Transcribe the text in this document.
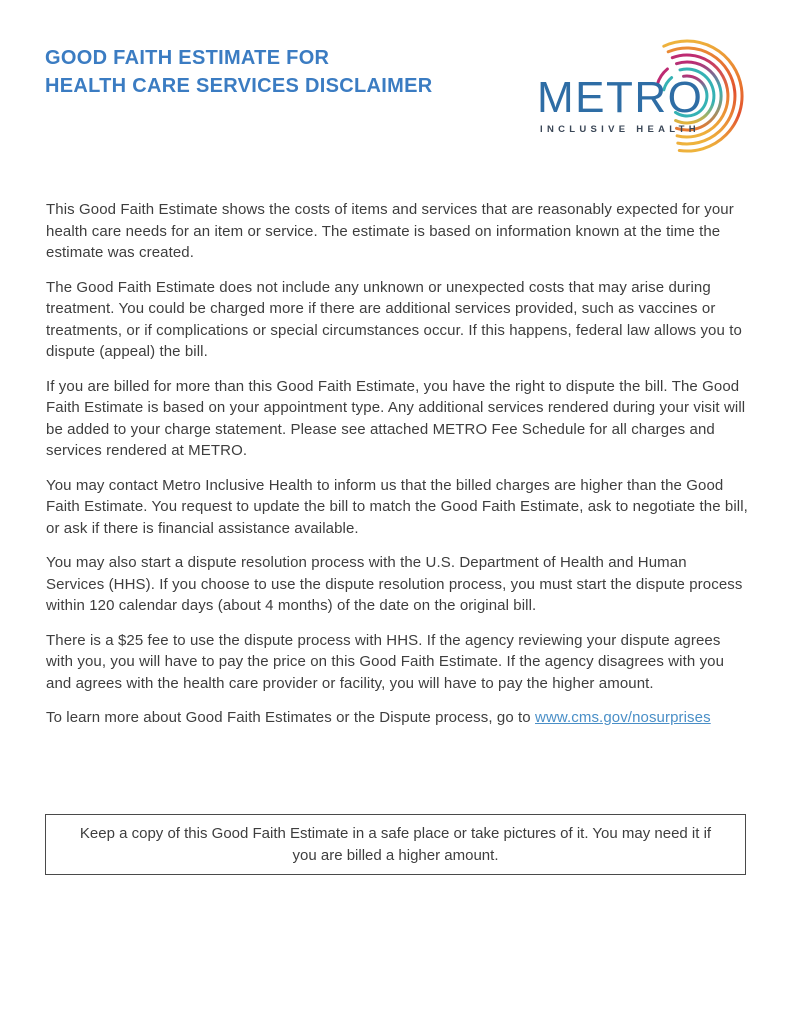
GOOD FAITH ESTIMATE FOR
HEALTH CARE SERVICES DISCLAIMER METRO
INCLUSIVE HEALTH

This Good Faith Estimate shows the costs of items and services that are reasonably expected for your health care needs for an item or service. The estimate is based on information known at the time the estimate was created.

The Good Faith Estimate does not include any unknown or unexpected costs that may arise during treatment. You could be charged more if there are additional services provided, such as vaccines or treatments, or if complications or special circumstances occur. If this happens, federal law allows you to dispute (appeal) the bill.

If you are billed for more than this Good Faith Estimate, you have the right to dispute the bill. The Good Faith Estimate is based on your appointment type. Any additional services rendered during your visit will be added to your charge statement. Please see attached METRO Fee Schedule for all charges and services rendered at METRO.

You may contact Metro Inclusive Health to inform us that the billed charges are higher than the Good Faith Estimate. You request to update the bill to match the Good Faith Estimate, ask to negotiate the bill, or ask if there is financial assistance available.

You may also start a dispute resolution process with the U.S. Department of Health and Human Services (HHS). If you choose to use the dispute resolution process, you must start the dispute process within 120 calendar days (about 4 months) of the date on the original bill.

There is a $25 fee to use the dispute process with HHS. If the agency reviewing your dispute agrees with you, you will have to pay the price on this Good Faith Estimate. If the agency disagrees with you and agrees with the health care provider or facility, you will have to pay the higher amount.

To learn more about Good Faith Estimates or the Dispute process, go to www.cms.gov/nosurprises

Keep a copy of this Good Faith Estimate in a safe place or take pictures of it. You may need it if you are billed a higher amount.
